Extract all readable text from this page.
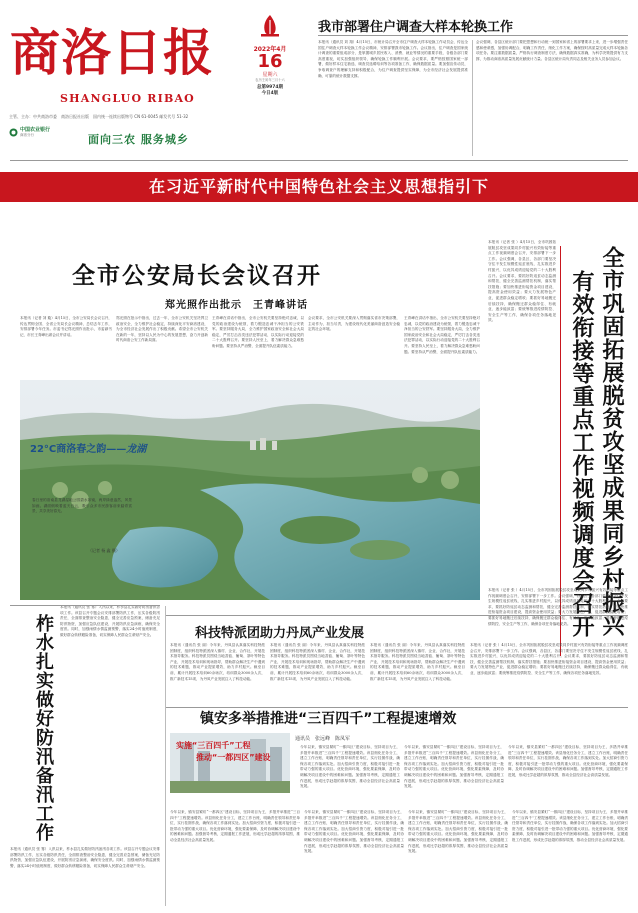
商洛日报
SHANGLUO RIBAO
主管、主办：中共商洛市委　商洛日报社出版　国内统一连续出版物号 CN 61-0045 邮发代号 51-32
中国农业银行
商洛分行	面向三农 服务城乡
2022年4月
16
星期六
农历壬寅年三月十六
总第9974期
今日4版
我市部署住户调查大样本轮换工作
本报讯（通讯员 刘 翔）4月15日，市统计局召开全市住户调查大样本轮换工作动员会，传达全国住户调查大样本轮换工作会议精神，安排部署我市轮换工作。会议指出，住户调查是国家统计调查的重要组成部分，是掌握城乡居民收入、消费、就业等情况的重要手段，各级各部门要高度重视，切实加强组织领导，确保轮换工作顺利开展。会议要求，要严格按照国家统一部署，做好样本住宅抽选、调查员选聘培训等各项准备工作，确保数据质量。要加强宣传动员，争取调查户的理解支持和积极配合，为住户调查提供坚实保障，为全市经济社会发展提供准确、可靠的统计数据支撑。
会议强调，各县区统计部门要把思想和行动统一到国家和省上的部署要求上来，进一步增强责任感和使命感，加强协调配合，明确工作责任，细化工作方案，确保按时高质量完成大样本轮换各项任务。要注重数据质量，严格执行调查制度方法，确保数据真实准确，为科学决策提供有力支撑，为推动商洛高质量发展贡献统计力量。各县区统计局负责同志及相关业务人员参加会议。
在习近平新时代中国特色社会主义思想指引下
全市公安局长会议召开
郑光照作出批示　王青峰讲话
本报讯（记者 刘 璇）4月15日，全市公安局长会议召开，传达贯彻全国、全省公安局长会议精神，总结去年工作，安排部署今年任务。市委书记郑光照作出批示，市委副书记、市长王青峰出席会议并讲话。
郑光照在批示中指出，过去一年，全市公安机关坚决捍卫政治安全，全力维护社会稳定，持续深化平安商洛建设，为全市经济社会发展作出了积极贡献。希望全市公安机关在新的一年，坚持以人民为中心的发展思想，奋力开创新时代商洛公安工作新局面。
王青峰在讲话中指出，全市公安机关要坚持绝对忠诚，以党的政治建设为统领，着力锻造忠诚干净担当的公安铁军。要坚持服务大局，全力维护国家政治安全和社会大局稳定，严厉打击各类违法犯罪活动，以实际行动迎接党的二十大胜利召开。要坚持人民至上，着力解决群众急难愁盼问题。要坚持从严治警，全面提升队伍素质能力。
会议要求，全市公安机关要深入贯彻落实省市决策部署，主动作为，担当尽责，为建设现代化美丽商洛创造安全稳定的社会环境。
王青峰在讲话中指出，全市公安机关要坚持绝对忠诚，以党的政治建设为统领，着力锻造忠诚干净担当的公安铁军。要坚持服务大局，全力维护国家政治安全和社会大局稳定，严厉打击各类违法犯罪活动，以实际行动迎接党的二十大胜利召开。要坚持人民至上，着力解决群众急难愁盼问题。要坚持从严治警，全面提升队伍素质能力。
22°C商洛春之韵——龙湖
春日里的洛南县龙湖湿地公园碧水如镜，两岸绿意盎然，风景如画。湖面倒映着蓝天白云，吸引众多市民游客前来踏青赏景，共享美好春光。
（记者 杨 鑫 摄）	全市巩固拓展脱贫攻坚成果同乡村振兴
有效衔接等重点工作视频调度会召开
本报讯（记者 张 ）4月15日，全市巩固拓展脱贫攻坚成果同乡村振兴有效衔接等重点工作视频调度会召开，安排部署下一步工作。会议强调，各县区、各部门要坚决守住不发生规模性返贫底线，扎实推进乡村振兴，以优异成绩迎接党的二十大胜利召开。会议要求，要抓好防返贫动态监测和帮扶，健全完善监测帮扶机制，落实帮扶措施；要加快推进衔接资金项目建设，提高资金使用效益；要大力发展特色产业，促进群众稳定增收；要抓好易地搬迁后续扶持，确保搬迁群众稳得住、有就业、逐步能致富；要统筹推进疫情防控、安全生产等工作，确保各项任务落地见效。
本报讯（记者 张 ）4月15日，全市巩固拓展脱贫攻坚成果同乡村振兴有效衔接等重点工作视频调度会召开，安排部署下一步工作。会议强调，各县区、各部门要坚决守住不发生规模性返贫底线，扎实推进乡村振兴，以优异成绩迎接党的二十大胜利召开。会议要求，要抓好防返贫动态监测和帮扶，健全完善监测帮扶机制，落实帮扶措施；要加快推进衔接资金项目建设，提高资金使用效益；要大力发展特色产业，促进群众稳定增收；要抓好易地搬迁后续扶持，确保搬迁群众稳得住、有就业、逐步能致富；要统筹推进疫情防控、安全生产等工作，确保各项任务落地见效。
柞水扎实做好防汛备汛工作
本报讯（通讯员 张 骞）入汛以来，柞水县扎实做好防汛备汛各项工作。该县召开专题会议安排部署防汛工作，压实各级防汛责任，全面排查整治安全隐患，健全完善应急预案，储备充足防汛物资，加强应急队伍建设，开展防汛应急演练，确保安全度汛。同时，加强雨情水情监测预警，落实24小时值班制度，做好群众转移避险准备，切实保障人民群众生命财产安全。
本报讯（通讯员 张 骞）入汛以来，柞水县扎实做好防汛备汛各项工作。该县召开专题会议安排部署防汛工作，压实各级防汛责任，全面排查整治安全隐患，健全完善应急预案，储备充足防汛物资，加强应急队伍建设，开展防汛应急演练，确保安全度汛。同时，加强雨情水情监测预警，落实24小时值班制度，做好群众转移避险准备，切实保障人民群众生命财产安全。
科技特派团助力丹凤产业发展
本报讯（通讯员 张 丽）今年来，丹凤县认真落实科技特派团制度，组织科技特派团深入镇村、企业、合作社，开展技术指导服务。科技特派员围绕当地香菇、葡萄、茶叶等特色产业，开展技术培训和现场指导，帮助群众解决生产中遇到的技术难题，推动产业提质增效，助力乡村振兴。截至目前，累计开展技术培训60余场次，培训群众3000余人次，推广新技术15项，为丹凤产业发展注入了科技动能。
本报讯（通讯员 张 丽）今年来，丹凤县认真落实科技特派团制度，组织科技特派团深入镇村、企业、合作社，开展技术指导服务。科技特派员围绕当地香菇、葡萄、茶叶等特色产业，开展技术培训和现场指导，帮助群众解决生产中遇到的技术难题，推动产业提质增效，助力乡村振兴。截至目前，累计开展技术培训60余场次，培训群众3000余人次，推广新技术15项，为丹凤产业发展注入了科技动能。
本报讯（通讯员 张 丽）今年来，丹凤县认真落实科技特派团制度，组织科技特派团深入镇村、企业、合作社，开展技术指导服务。科技特派员围绕当地香菇、葡萄、茶叶等特色产业，开展技术培训和现场指导，帮助群众解决生产中遇到的技术难题，推动产业提质增效，助力乡村振兴。截至目前，累计开展技术培训60余场次，培训群众3000余人次，推广新技术15项，为丹凤产业发展注入了科技动能。
本报讯（记者 张 ）4月15日，全市巩固拓展脱贫攻坚成果同乡村振兴有效衔接等重点工作视频调度会召开，安排部署下一步工作。会议强调，各县区、各部门要坚决守住不发生规模性返贫底线，扎实推进乡村振兴，以优异成绩迎接党的二十大胜利召开。会议要求，要抓好防返贫动态监测和帮扶，健全完善监测帮扶机制，落实帮扶措施；要加快推进衔接资金项目建设，提高资金使用效益；要大力发展特色产业，促进群众稳定增收；要抓好易地搬迁后续扶持，确保搬迁群众稳得住、有就业、逐步能致富；要统筹推进疫情防控、安全生产等工作，确保各项任务落地见效。
镇安多举措推进“三百四千”工程提速增效
通讯员　张远峰　陈凤军
实施“三百四千”工程
推动“一都四区”建设
今年以来，镇安县紧盯“一都四区”建设目标，坚持项目为王，多措并举推进“三百四千”工程提速增效。该县细化任务分工，建立工作台账，明确责任领导和责任单位，实行挂图作战，确保各项工作落到实处。加大招商引资力度，积极对接引进一批带动力强的重大项目。优化营商环境，强化要素保障，及时协调解决项目建设中的困难和问题。加强督导考核，定期通报工作进展，形成比学赶超的浓厚氛围，推动全县经济社会高质量发展。
今年以来，镇安县紧盯“一都四区”建设目标，坚持项目为王，多措并举推进“三百四千”工程提速增效。该县细化任务分工，建立工作台账，明确责任领导和责任单位，实行挂图作战，确保各项工作落到实处。加大招商引资力度，积极对接引进一批带动力强的重大项目。优化营商环境，强化要素保障，及时协调解决项目建设中的困难和问题。加强督导考核，定期通报工作进展，形成比学赶超的浓厚氛围，推动全县经济社会高质量发展。
今年以来，镇安县紧盯“一都四区”建设目标，坚持项目为王，多措并举推进“三百四千”工程提速增效。该县细化任务分工，建立工作台账，明确责任领导和责任单位，实行挂图作战，确保各项工作落到实处。加大招商引资力度，积极对接引进一批带动力强的重大项目。优化营商环境，强化要素保障，及时协调解决项目建设中的困难和问题。加强督导考核，定期通报工作进展，形成比学赶超的浓厚氛围，推动全县经济社会高质量发展。
今年以来，镇安县紧盯“一都四区”建设目标，坚持项目为王，多措并举推进“三百四千”工程提速增效。该县细化任务分工，建立工作台账，明确责任领导和责任单位，实行挂图作战，确保各项工作落到实处。加大招商引资力度，积极对接引进一批带动力强的重大项目。优化营商环境，强化要素保障，及时协调解决项目建设中的困难和问题。加强督导考核，定期通报工作进展，形成比学赶超的浓厚氛围，推动全县经济社会高质量发展。
今年以来，镇安县紧盯“一都四区”建设目标，坚持项目为王，多措并举推进“三百四千”工程提速增效。该县细化任务分工，建立工作台账，明确责任领导和责任单位，实行挂图作战，确保各项工作落到实处。加大招商引资力度，积极对接引进一批带动力强的重大项目。优化营商环境，强化要素保障，及时协调解决项目建设中的困难和问题。加强督导考核，定期通报工作进展，形成比学赶超的浓厚氛围，推动全县经济社会高质量发展。
今年以来，镇安县紧盯“一都四区”建设目标，坚持项目为王，多措并举推进“三百四千”工程提速增效。该县细化任务分工，建立工作台账，明确责任领导和责任单位，实行挂图作战，确保各项工作落到实处。加大招商引资力度，积极对接引进一批带动力强的重大项目。优化营商环境，强化要素保障，及时协调解决项目建设中的困难和问题。加强督导考核，定期通报工作进展，形成比学赶超的浓厚氛围，推动全县经济社会高质量发展。
今年以来，镇安县紧盯“一都四区”建设目标，坚持项目为王，多措并举推进“三百四千”工程提速增效。该县细化任务分工，建立工作台账，明确责任领导和责任单位，实行挂图作战，确保各项工作落到实处。加大招商引资力度，积极对接引进一批带动力强的重大项目。优化营商环境，强化要素保障，及时协调解决项目建设中的困难和问题。加强督导考核，定期通报工作进展，形成比学赶超的浓厚氛围，推动全县经济社会高质量发展。
